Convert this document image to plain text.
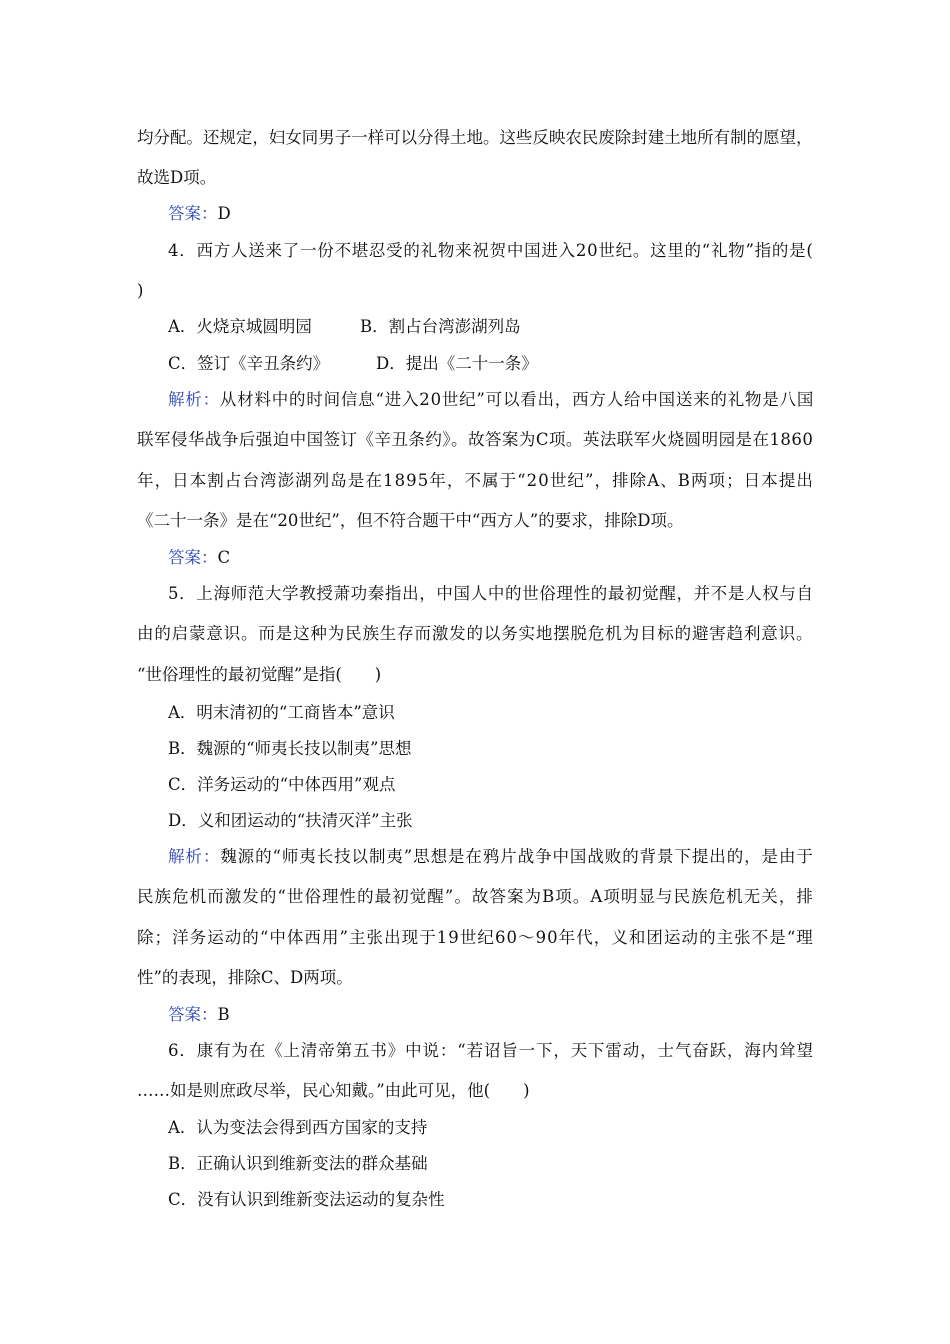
均分配。还规定，妇女同男子一样可以分得土地。这些反映农民废除封建土地所有制的愿望，
故选D项。
答案：D
4．西方人送来了一份不堪忍受的礼物来祝贺中国进入20世纪。这里的“礼物”指的是(
)
A．火烧京城圆明园	B．割占台湾澎湖列岛
C．签订《辛丑条约》	D．提出《二十一条》
解析：从材料中的时间信息“进入20世纪”可以看出，西方人给中国送来的礼物是八国
联军侵华战争后强迫中国签订《辛丑条约》。故答案为C项。英法联军火烧圆明园是在1860
年，日本割占台湾澎湖列岛是在1895年，不属于“20世纪”，排除A、B两项；日本提出
《二十一条》是在“20世纪”，但不符合题干中“西方人”的要求，排除D项。
答案：C
5．上海师范大学教授萧功秦指出，中国人中的世俗理性的最初觉醒，并不是人权与自
由的启蒙意识。而是这种为民族生存而激发的以务实地摆脱危机为目标的避害趋利意识。
“世俗理性的最初觉醒”是指(　　)
A．明末清初的“工商皆本”意识
B．魏源的“师夷长技以制夷”思想
C．洋务运动的“中体西用”观点
D．义和团运动的“扶清灭洋”主张
解析：魏源的“师夷长技以制夷”思想是在鸦片战争中国战败的背景下提出的，是由于
民族危机而激发的“世俗理性的最初觉醒”。故答案为B项。A项明显与民族危机无关，排
除；洋务运动的“中体西用”主张出现于19世纪60～90年代，义和团运动的主张不是“理
性”的表现，排除C、D两项。
答案：B
6．康有为在《上清帝第五书》中说：“若诏旨一下，天下雷动，士气奋跃，海内耸望
……如是则庶政尽举，民心知戴。”由此可见，他(　　)
A．认为变法会得到西方国家的支持
B．正确认识到维新变法的群众基础
C．没有认识到维新变法运动的复杂性
